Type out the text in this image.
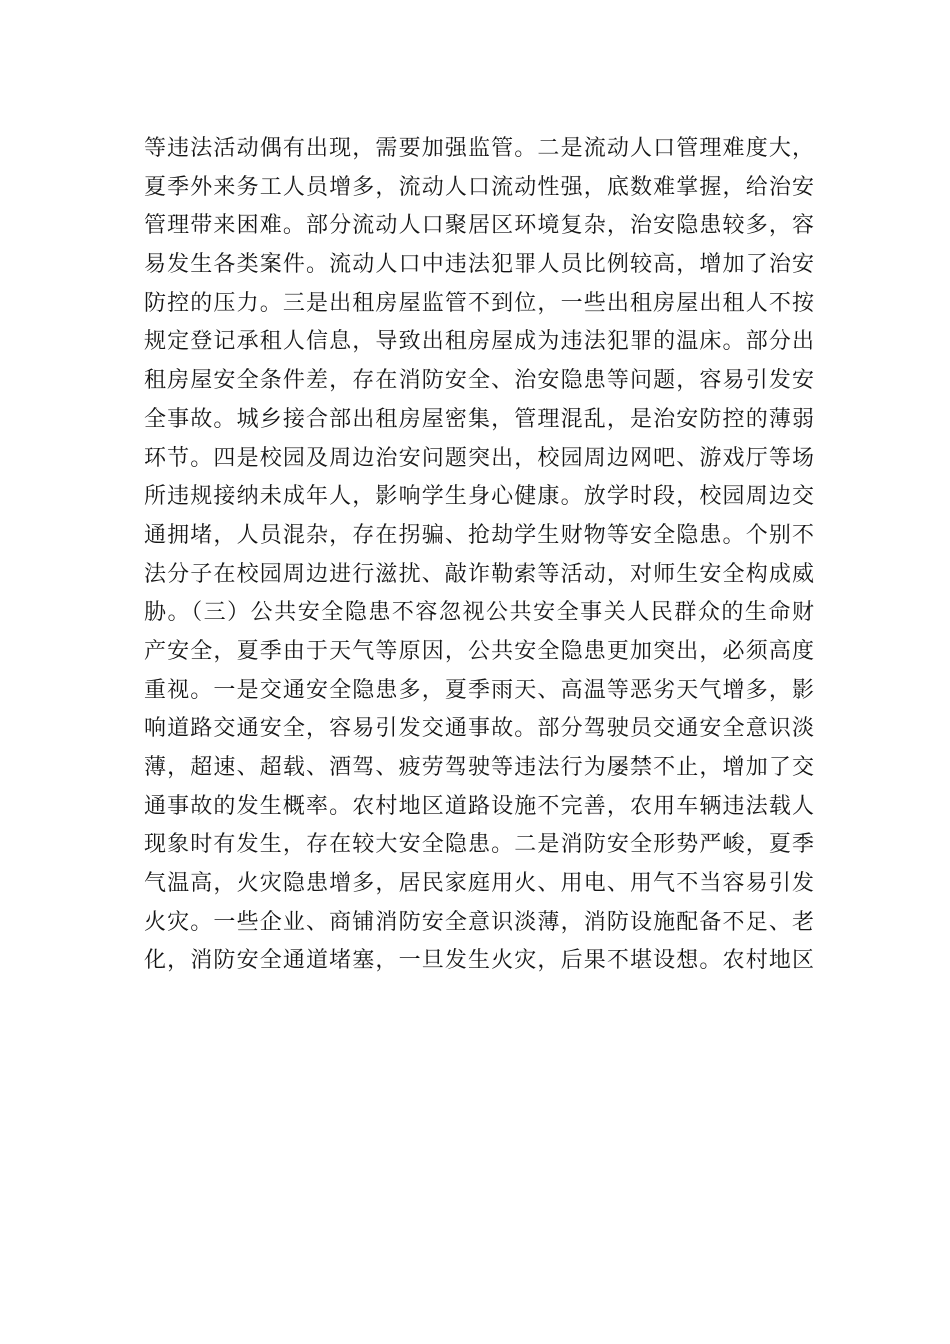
等违法活动偶有出现，需要加强监管。二是流动人口管理难度大，
夏季外来务工人员增多，流动人口流动性强，底数难掌握，给治安
管理带来困难。部分流动人口聚居区环境复杂，治安隐患较多，容
易发生各类案件。流动人口中违法犯罪人员比例较高，增加了治安
防控的压力。三是出租房屋监管不到位，一些出租房屋出租人不按
规定登记承租人信息，导致出租房屋成为违法犯罪的温床。部分出
租房屋安全条件差，存在消防安全、治安隐患等问题，容易引发安
全事故。城乡接合部出租房屋密集，管理混乱，是治安防控的薄弱
环节。四是校园及周边治安问题突出，校园周边网吧、游戏厅等场
所违规接纳未成年人，影响学生身心健康。放学时段，校园周边交
通拥堵，人员混杂，存在拐骗、抢劫学生财物等安全隐患。个别不
法分子在校园周边进行滋扰、敲诈勒索等活动，对师生安全构成威
胁。（三）公共安全隐患不容忽视公共安全事关人民群众的生命财
产安全，夏季由于天气等原因，公共安全隐患更加突出，必须高度
重视。一是交通安全隐患多，夏季雨天、高温等恶劣天气增多，影
响道路交通安全，容易引发交通事故。部分驾驶员交通安全意识淡
薄，超速、超载、酒驾、疲劳驾驶等违法行为屡禁不止，增加了交
通事故的发生概率。农村地区道路设施不完善，农用车辆违法载人
现象时有发生，存在较大安全隐患。二是消防安全形势严峻，夏季
气温高，火灾隐患增多，居民家庭用火、用电、用气不当容易引发
火灾。一些企业、商铺消防安全意识淡薄，消防设施配备不足、老
化，消防安全通道堵塞，一旦发生火灾，后果不堪设想。农村地区
